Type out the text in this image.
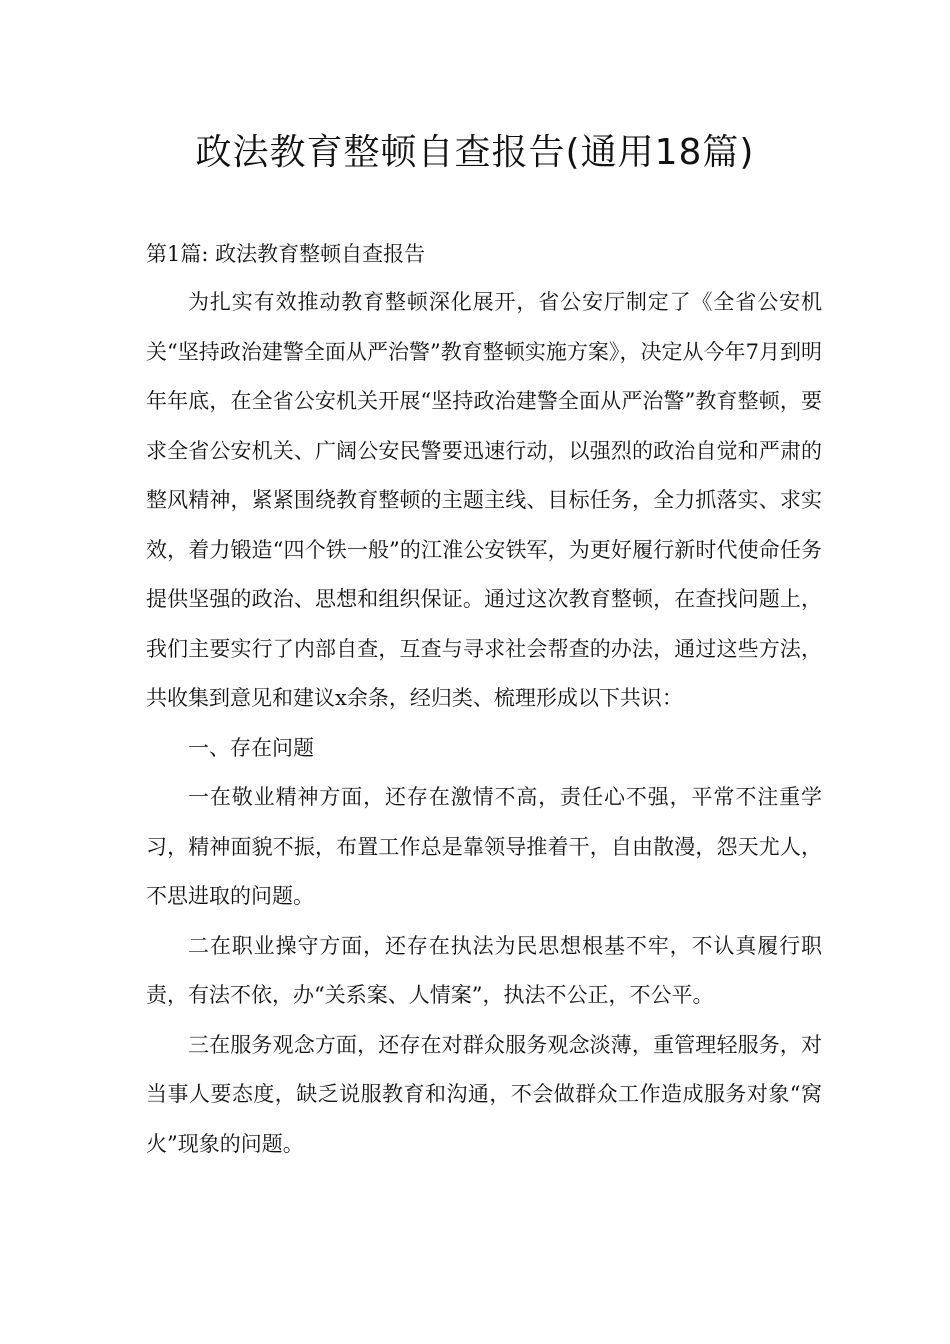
政法教育整顿自查报告(通用18篇)

第1篇: 政法教育整顿自查报告

为扎实有效推动教育整顿深化展开，省公安厅制定了《全省公安机关“坚持政治建警全面从严治警”教育整顿实施方案》，决定从今年7月到明年年底，在全省公安机关开展“坚持政治建警全面从严治警”教育整顿，要求全省公安机关、广阔公安民警要迅速行动，以强烈的政治自觉和严肃的整风精神，紧紧围绕教育整顿的主题主线、目标任务，全力抓落实、求实效，着力锻造“四个铁一般”的江淮公安铁军，为更好履行新时代使命任务提供坚强的政治、思想和组织保证。通过这次教育整顿，在查找问题上，我们主要实行了内部自查，互查与寻求社会帮查的办法，通过这些方法，共收集到意见和建议x余条，经归类、梳理形成以下共识：

一、存在问题

一在敬业精神方面，还存在激情不高，责任心不强，平常不注重学习，精神面貌不振，布置工作总是靠领导推着干，自由散漫，怨天尤人，不思进取的问题。

二在职业操守方面，还存在执法为民思想根基不牢，不认真履行职责，有法不依，办“关系案、人情案”，执法不公正，不公平。

三在服务观念方面，还存在对群众服务观念淡薄，重管理轻服务，对当事人要态度，缺乏说服教育和沟通，不会做群众工作造成服务对象“窝火”现象的问题。
